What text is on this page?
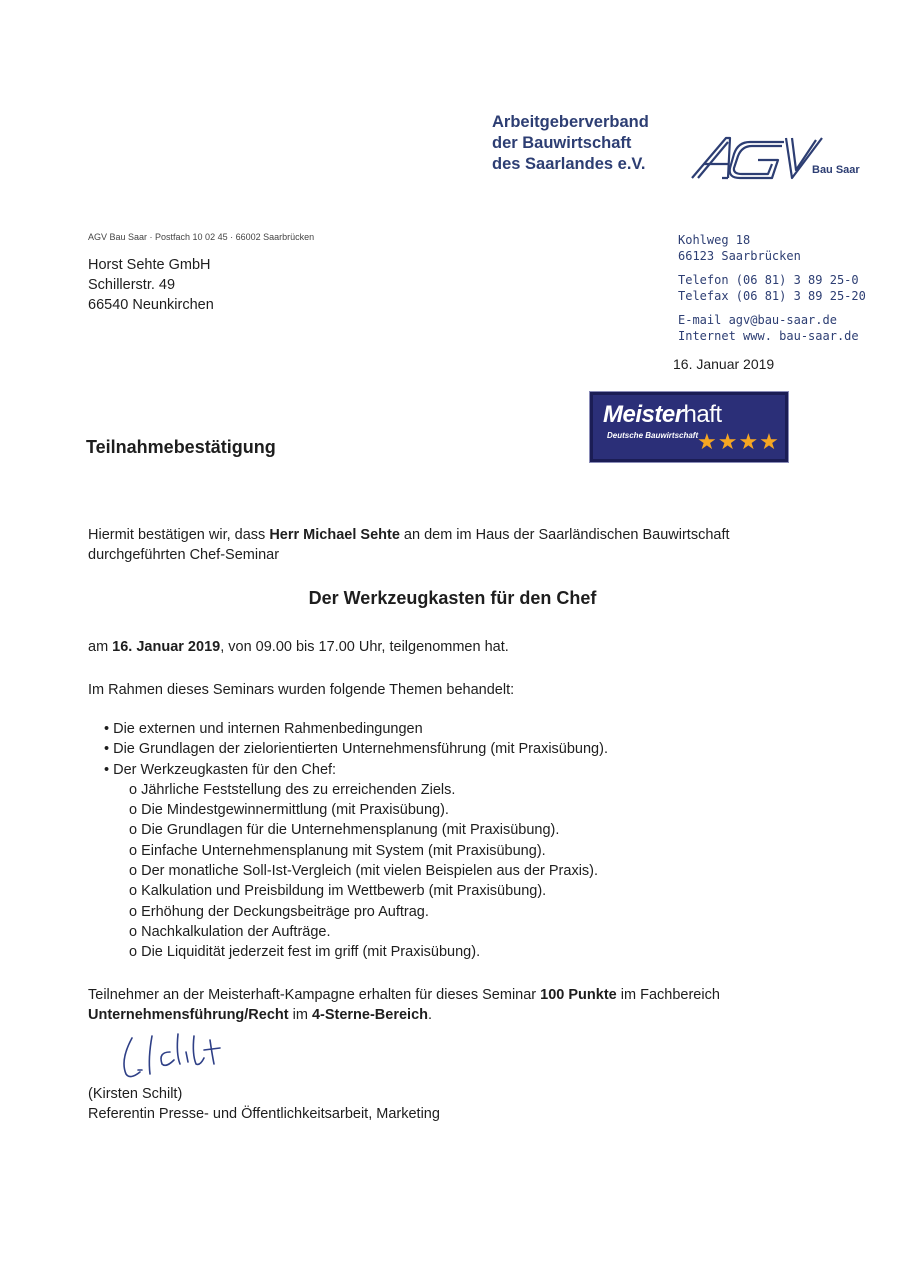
Arbeitgeberverband
der Bauwirtschaft
des Saarlandes e.V.	Bau Saar
AGV Bau Saar · Postfach 10 02 45 · 66002 Saarbrücken
Horst Sehte GmbH
Schillerstr. 49
66540 Neunkirchen
Kohlweg 18
66123 Saarbrücken
Telefon (06 81) 3 89 25-0
Telefax (06 81) 3 89 25-20
E-mail agv@bau-saar.de
Internet www. bau-saar.de
16. Januar 2019
Meisterhaft
Deutsche Bauwirtschaft
★★★★
Teilnahmebestätigung
Hiermit bestätigen wir, dass Herr Michael Sehte an dem im Haus der Saarländischen Bauwirtschaft durchgeführten Chef-Seminar
Der Werkzeugkasten für den Chef
am 16. Januar 2019, von 09.00 bis 17.00 Uhr, teilgenommen hat.
Im Rahmen dieses Seminars wurden folgende Themen behandelt:
• Die externen und internen Rahmenbedingungen
• Die Grundlagen der zielorientierten Unternehmensführung (mit Praxisübung).
• Der Werkzeugkasten für den Chef:
o Jährliche Feststellung des zu erreichenden Ziels.
o Die Mindestgewinnermittlung (mit Praxisübung).
o Die Grundlagen für die Unternehmensplanung (mit Praxisübung).
o Einfache Unternehmensplanung mit System (mit Praxisübung).
o Der monatliche Soll-Ist-Vergleich (mit vielen Beispielen aus der Praxis).
o Kalkulation und Preisbildung im Wettbewerb (mit Praxisübung).
o Erhöhung der Deckungsbeiträge pro Auftrag.
o Nachkalkulation der Aufträge.
o Die Liquidität jederzeit fest im griff (mit Praxisübung).
Teilnehmer an der Meisterhaft-Kampagne erhalten für dieses Seminar 100 Punkte im Fachbereich Unternehmensführung/Recht im 4-Sterne-Bereich.
(Kirsten Schilt)
Referentin Presse- und Öffentlichkeitsarbeit, Marketing
